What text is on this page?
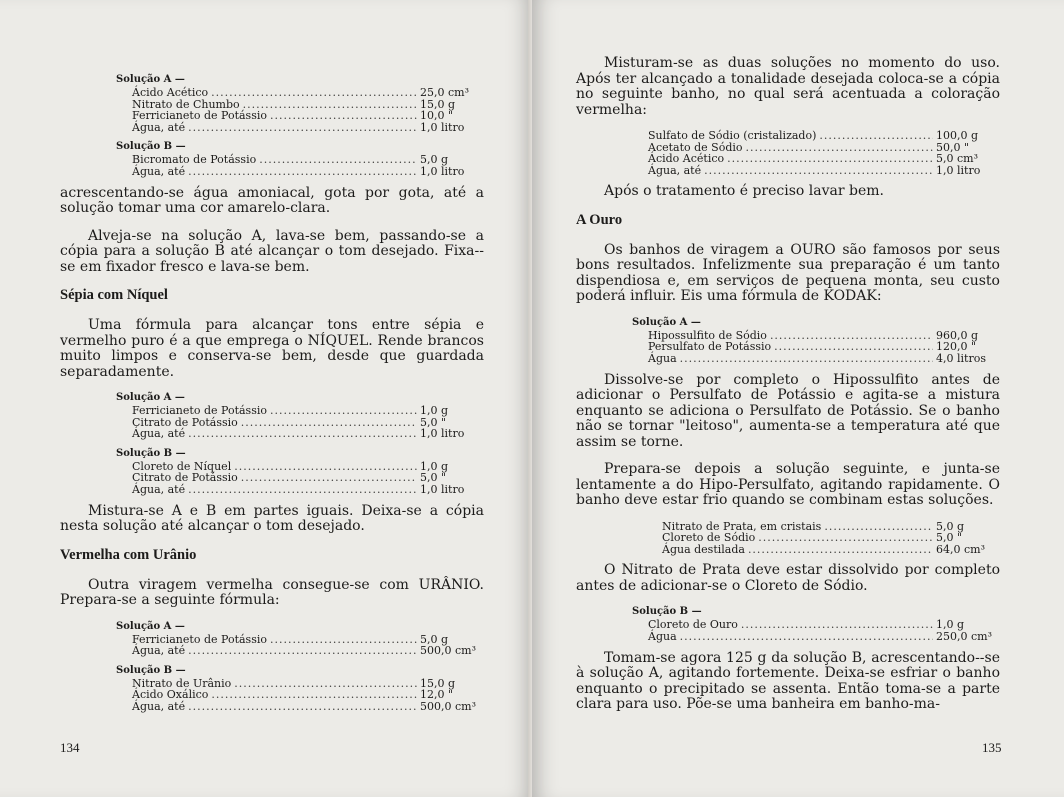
Solução A —
Ácido Acético .....	25,0 cm³
Nitrato de Chumbo .....	15,0 g
Ferricianeto de Potássio .....	10,0 "
Água, até .....	1,0 litro
Solução B —
Bicromato de Potássio .....	5,0 g
Água, até .....	1,0 litro

acrescentando-se água amoniacal, gota por gota, até a solução tomar uma cor amarelo-clara.

Alveja-se na solução A, lava-se bem, passando-se a cópia para a solução B até alcançar o tom desejado. Fixa--se em fixador fresco e lava-se bem.

Sépia com Níquel

Uma fórmula para alcançar tons entre sépia e vermelho puro é a que emprega o NÍQUEL. Rende brancos muito limpos e conserva-se bem, desde que guardada separadamente.

Solução A —
Ferricianeto de Potássio .....	1,0 g
Citrato de Potássio .....	5,0 "
Água, até .....	1,0 litro
Solução B —
Cloreto de Níquel .....	1,0 g
Citrato de Potássio .....	5,0 "
Água, até .....	1,0 litro

Mistura-se A e B em partes iguais. Deixa-se a cópia nesta solução até alcançar o tom desejado.

Vermelha com Urânio

Outra viragem vermelha consegue-se com URÂNIO. Prepara-se a seguinte fórmula:

Solução A —
Ferricianeto de Potássio .....	5,0 g
Água, até .....	500,0 cm³
Solução B —
Nitrato de Urânio .....	15,0 g
Ácido Oxálico .....	12,0 "
Água, até .....	500,0 cm³
134

Misturam-se as duas soluções no momento do uso. Após ter alcançado a tonalidade desejada coloca-se a cópia no seguinte banho, no qual será acentuada a coloração vermelha:

Sulfato de Sódio (cristalizado) .....	100,0 g
Acetato de Sódio .....	50,0 "
Ácido Acético .....	5,0 cm³
Água, até .....	1,0 litro

Após o tratamento é preciso lavar bem.

A Ouro

Os banhos de viragem a OURO são famosos por seus bons resultados. Infelizmente sua preparação é um tanto dispendiosa e, em serviços de pequena monta, seu custo poderá influir. Eis uma fórmula de KODAK:

Solução A —
Hipossulfito de Sódio .....	960,0 g
Persulfato de Potássio .....	120,0 "
Água .....	4,0 litros

Dissolve-se por completo o Hipossulfito antes de adicionar o Persulfato de Potássio e agita-se a mistura enquanto se adiciona o Persulfato de Potássio. Se o banho não se tornar "leitoso", aumenta-se a temperatura até que assim se torne.

Prepara-se depois a solução seguinte, e junta-se lentamente a do Hipo-Persulfato, agitando rapidamente. O banho deve estar frio quando se combinam estas soluções.

Nitrato de Prata, em cristais .....	5,0 g
Cloreto de Sódio .....	5,0 "
Água destilada .....	64,0 cm³

O Nitrato de Prata deve estar dissolvido por completo antes de adicionar-se o Cloreto de Sódio.

Solução B —
Cloreto de Ouro .....	1,0 g
Água .....	250,0 cm³

Tomam-se agora 125 g da solução B, acrescentando--se à solução A, agitando fortemente. Deixa-se esfriar o banho enquanto o precipitado se assenta. Então toma-se a parte clara para uso. Põe-se uma banheira em banho-ma-

135
